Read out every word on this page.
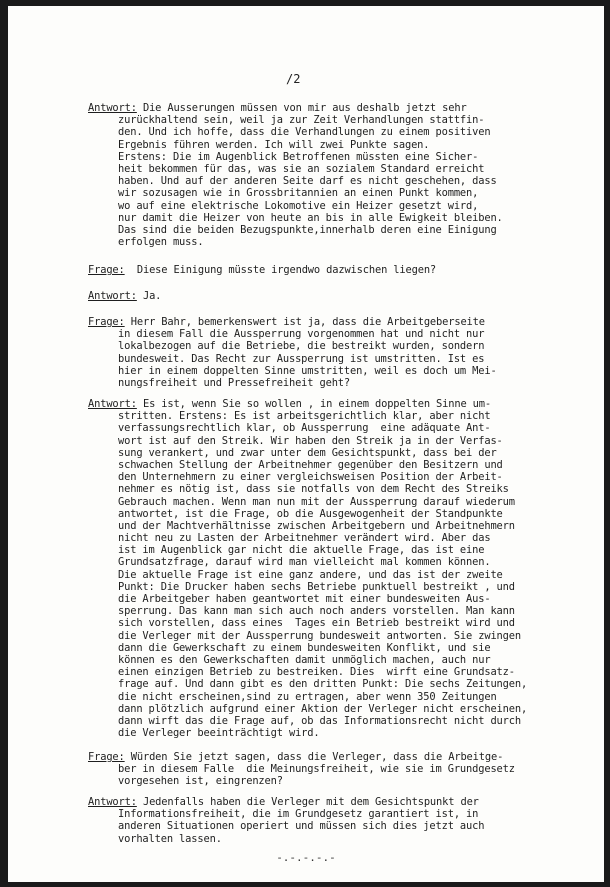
/2
Antwort: Die Ausserungen müssen von mir aus deshalb jetzt sehr
zurückhaltend sein, weil ja zur Zeit Verhandlungen stattfin-
den. Und ich hoffe, dass die Verhandlungen zu einem positiven
Ergebnis führen werden. Ich will zwei Punkte sagen.
Erstens: Die im Augenblick Betroffenen müssten eine Sicher-
heit bekommen für das, was sie an sozialem Standard erreicht
haben. Und auf der anderen Seite darf es nicht geschehen, dass
wir sozusagen wie in Grossbritannien an einen Punkt kommen,
wo auf eine elektrische Lokomotive ein Heizer gesetzt wird,
nur damit die Heizer von heute an bis in alle Ewigkeit bleiben.
Das sind die beiden Bezugspunkte,innerhalb deren eine Einigung
erfolgen muss.
Frage:  Diese Einigung müsste irgendwo dazwischen liegen?
Antwort: Ja.
Frage: Herr Bahr, bemerkenswert ist ja, dass die Arbeitgeberseite
in diesem Fall die Aussperrung vorgenommen hat und nicht nur
lokalbezogen auf die Betriebe, die bestreikt wurden, sondern
bundesweit. Das Recht zur Aussperrung ist umstritten. Ist es
hier in einem doppelten Sinne umstritten, weil es doch um Mei-
nungsfreiheit und Pressefreiheit geht?
Antwort: Es ist, wenn Sie so wollen , in einem doppelten Sinne um-
stritten. Erstens: Es ist arbeitsgerichtlich klar, aber nicht
verfassungsrechtlich klar, ob Aussperrung  eine adäquate Ant-
wort ist auf den Streik. Wir haben den Streik ja in der Verfas-
sung verankert, und zwar unter dem Gesichtspunkt, dass bei der
schwachen Stellung der Arbeitnehmer gegenüber den Besitzern und
den Unternehmern zu einer vergleichsweisen Position der Arbeit-
nehmer es nötig ist, dass sie notfalls von dem Recht des Streiks
Gebrauch machen. Wenn man nun mit der Aussperrung darauf wiederum
antwortet, ist die Frage, ob die Ausgewogenheit der Standpunkte
und der Machtverhältnisse zwischen Arbeitgebern und Arbeitnehmern
nicht neu zu Lasten der Arbeitnehmer verändert wird. Aber das
ist im Augenblick gar nicht die aktuelle Frage, das ist eine
Grundsatzfrage, darauf wird man vielleicht mal kommen können.
Die aktuelle Frage ist eine ganz andere, und das ist der zweite
Punkt: Die Drucker haben sechs Betriebe punktuell bestreikt , und
die Arbeitgeber haben geantwortet mit einer bundesweiten Aus-
sperrung. Das kann man sich auch noch anders vorstellen. Man kann
sich vorstellen, dass eines  Tages ein Betrieb bestreikt wird und
die Verleger mit der Aussperrung bundesweit antworten. Sie zwingen
dann die Gewerkschaft zu einem bundesweiten Konflikt, und sie
können es den Gewerkschaften damit unmöglich machen, auch nur
einen einzigen Betrieb zu bestreiken. Dies  wirft eine Grundsatz-
frage auf. Und dann gibt es den dritten Punkt: Die sechs Zeitungen,
die nicht erscheinen,sind zu ertragen, aber wenn 350 Zeitungen
dann plötzlich aufgrund einer Aktion der Verleger nicht erscheinen,
dann wirft das die Frage auf, ob das Informationsrecht nicht durch
die Verleger beeinträchtigt wird.
Frage: Würden Sie jetzt sagen, dass die Verleger, dass die Arbeitge-
ber in diesem Falle  die Meinungsfreiheit, wie sie im Grundgesetz
vorgesehen ist, eingrenzen?
Antwort: Jedenfalls haben die Verleger mit dem Gesichtspunkt der
Informationsfreiheit, die im Grundgesetz garantiert ist, in
anderen Situationen operiert und müssen sich dies jetzt auch
vorhalten lassen.
-.-.-.-.-
